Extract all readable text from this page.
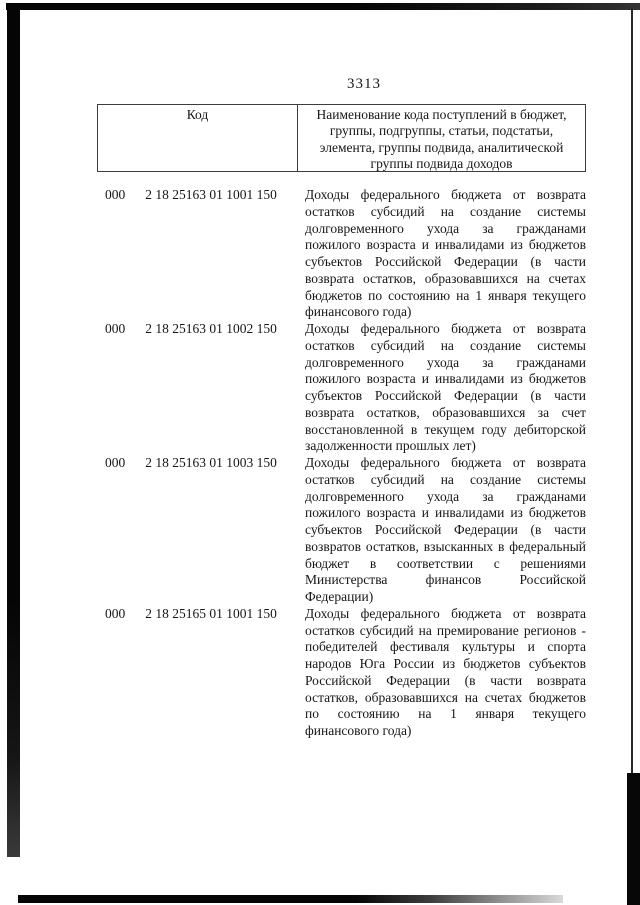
3313
Код	Наименование кода поступлений в бюджет, группы, подгруппы, статьи, подстатьи, элемента, группы подвида, аналитической группы подвида доходов
000 2 18 25163 01 1001 150	Доходы федерального бюджета от возврата остатков субсидий на создание системы долговременного ухода за гражданами пожилого возраста и инвалидами из бюджетов субъектов Российской Федерации (в части возврата остатков, образовавшихся на счетах бюджетов по состоянию на 1 января текущего финансового года)
000 2 18 25163 01 1002 150	Доходы федерального бюджета от возврата остатков субсидий на создание системы долговременного ухода за гражданами пожилого возраста и инвалидами из бюджетов субъектов Российской Федерации (в части возврата остатков, образовавшихся за счет восстановленной в текущем году дебиторской задолженности прошлых лет)
000 2 18 25163 01 1003 150	Доходы федерального бюджета от возврата остатков субсидий на создание системы долговременного ухода за гражданами пожилого возраста и инвалидами из бюджетов субъектов Российской Федерации (в части возвратов остатков, взысканных в федеральный бюджет в соответствии с решениями Министерства финансов Российской Федерации)
000 2 18 25165 01 1001 150	Доходы федерального бюджета от возврата остатков субсидий на премирование регионов - победителей фестиваля культуры и спорта народов Юга России из бюджетов субъектов Российской Федерации (в части возврата остатков, образовавшихся на счетах бюджетов по состоянию на 1 января текущего финансового года)
